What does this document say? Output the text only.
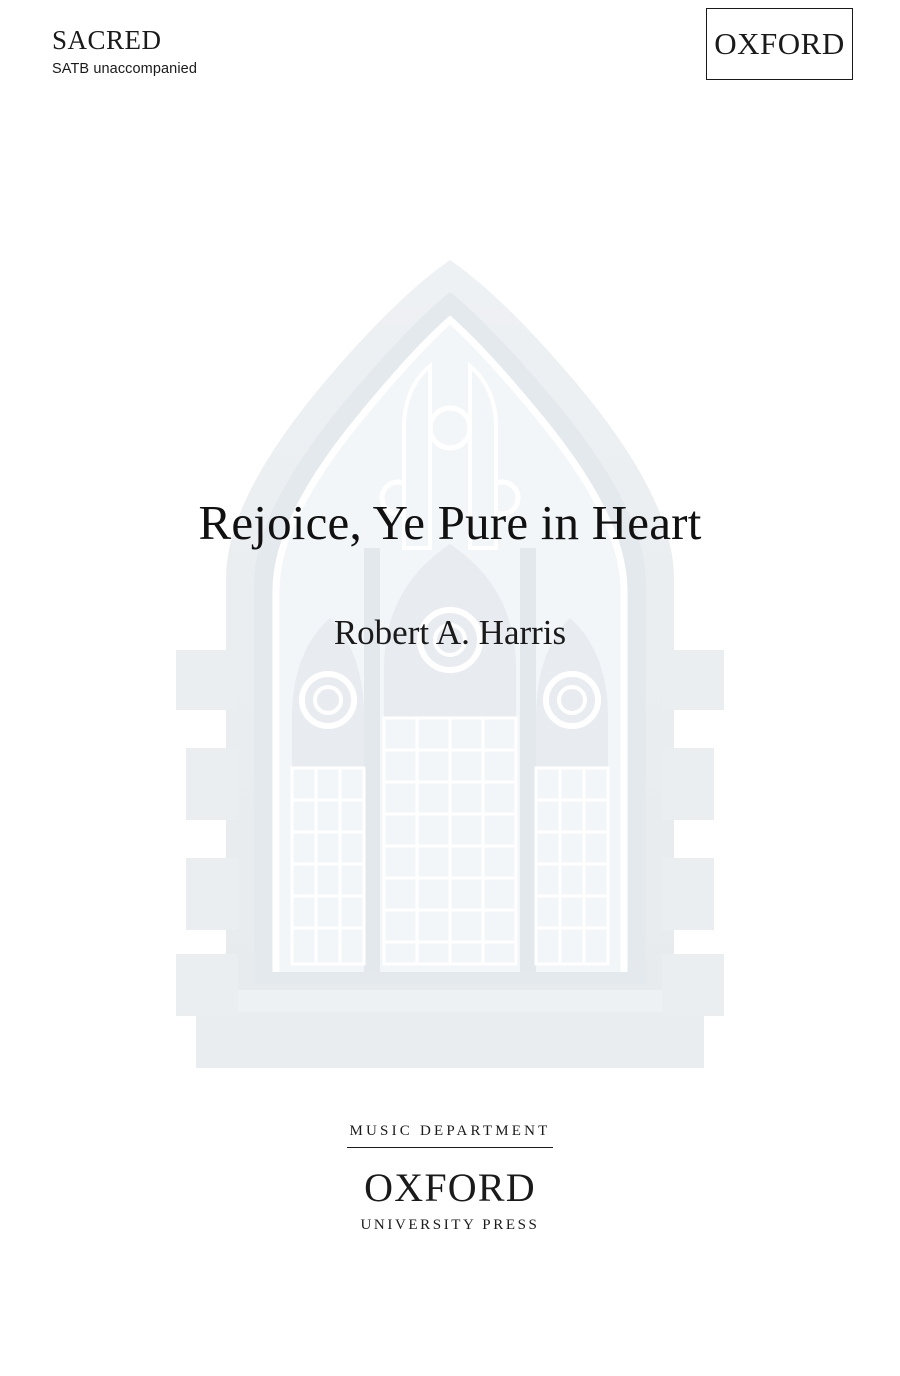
SACRED
SATB unaccompanied
OXFORD
Rejoice, Ye Pure in Heart
Robert A. Harris
MUSIC DEPARTMENT
OXFORD
UNIVERSITY PRESS
